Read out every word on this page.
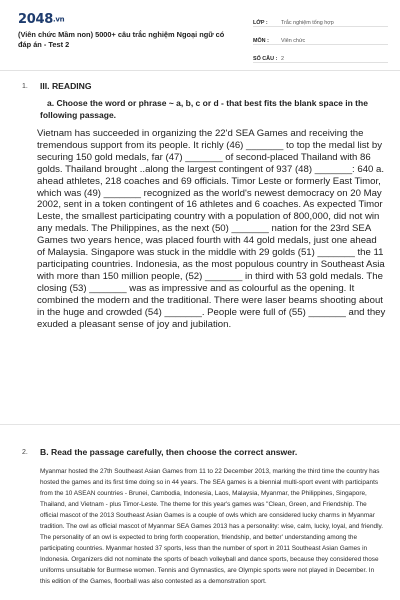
2048.vn
(Viên chức Mầm non) 5000+ câu trắc nghiệm Ngoại ngữ có đáp án - Test 2
LỚP :	Trắc nghiệm tổng hợp
MÔN :	Viên chức
SỐ CÂU : 2
1. III. READING
a. Choose the word or phrase ~ a, b, c or d - that best fits the blank space in the following passage.
Vietnam has succeeded in organizing the 22'd SEA Games and receiving the tremendous support from its people. It richly (46) _______ to top the medal list by securing 150 gold medals, far (47) _______ of second-placed Thailand with 86 golds. Thailand brought ..along the largest contingent of 937 (48) _______: 640 a. ahead athletes, 218 coaches and 69 officials. Timor Leste or formerly East Timor, which was (49) _______ recognized as the world's newest democracy on 20 May 2002, sent in a token contingent of 16 athletes and 6 coaches. As expected Timor Leste, the smallest participating country with a population of 800,000, did not win any medals. The Philippines, as the next (50) _______ nation for the 23rd SEA Games two years hence, was placed fourth with 44 gold medals, just one ahead of Malaysia. Singapore was stuck in the middle with 29 golds (51) _______ the 11 participating countries. Indonesia, as the most populous country in Southeast Asia with more than 150 million people, (52) _______ in third with 53 gold medals. The closing (53) _______ was as impressive and as colourful as the opening. It combined the modern and the traditional. There were laser beams shooting about in the huge and crowded (54) _______. People were full of (55) _______ and they exuded a pleasant sense of joy and jubilation.
2. B. Read the passage carefully, then choose the correct answer.
Myanmar hosted the 27th Southeast Asian Games from 11 to 22 December 2013, marking the third time the country has hosted the games and its first time doing so in 44 years. The SEA games is a biennial multi-sport event with participants from the 10 ASEAN countries - Brunei, Cambodia, Indonesia, Laos, Malaysia, Myanmar, the Philippines, Singapore, Thailand, and Vietnam - plus Timor-Leste. The theme for this year's games was "Clean, Green, and Friendship. The official mascot of the 2013 Southeast Asian Games is a couple of owls which are considered lucky charms in Myanmar tradition. The owl as official mascot of Myanmar SEA Games 2013 has a personality: wise, calm, lucky, loyal, and friendly. The personality of an owl is expected to bring forth cooperation, friendship, and better' understanding among the participating countries. Myanmar hosted 37 sports, less than the number of sport in 2011 Southeast Asian Games in Indonesia. Organizers did not nominate the sports of beach volleyball and dance sports, because they considered those uniforms unsuitable for Burmese women. Tennis and Gymnastics, are Olympic sports were not played in December. In this edition of the Games, floorball was also contested as a demonstration sport.
